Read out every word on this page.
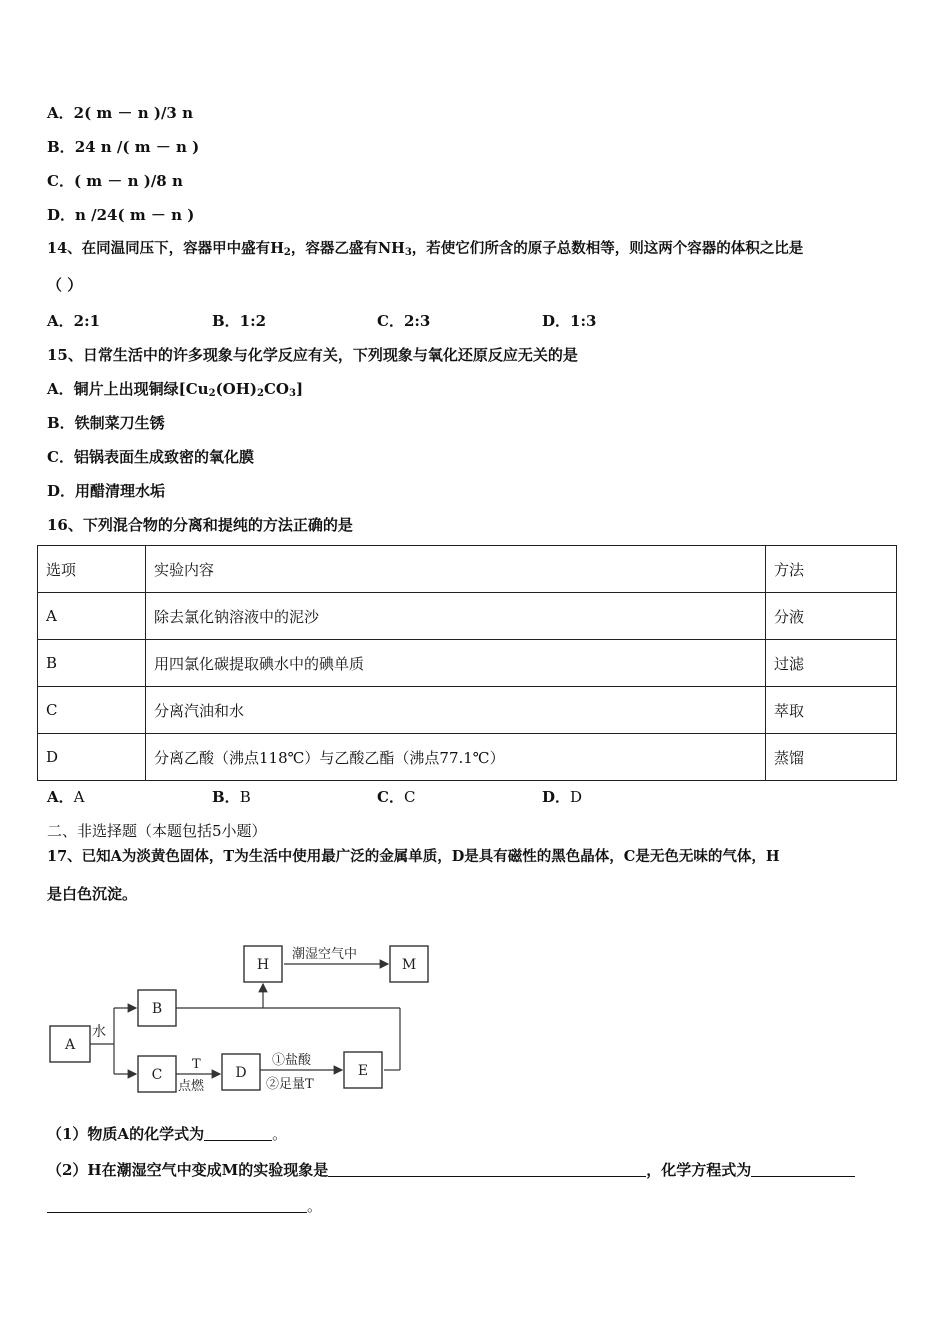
A．2( m － n )/3 n
B．24 n /( m － n )
C．( m － n )/8 n
D．n /24( m － n )
14、在同温同压下，容器甲中盛有$H_2$，容器乙盛有$NH_3$，若使它们所含的原子总数相等，则这两个容器的体积之比是
（ ）
A．2:1	B．1:2	C．2:3	D．1:3
15、日常生活中的许多现象与化学反应有关，下列现象与氧化还原反应无关的是
A．铜片上出现铜绿$[Cu_2(OH)_2CO_3]$
B．铁制菜刀生锈
C．铝锅表面生成致密的氧化膜
D．用醋清理水垢
16、下列混合物的分离和提纯的方法正确的是
选项	实验内容	方法
A	除去氯化钠溶液中的泥沙	分液
B	用四氯化碳提取碘水中的碘单质	过滤
C	分离汽油和水	萃取
D	分离乙酸（沸点118℃）与乙酸乙酯（沸点77.1℃）	蒸馏
A．A	B．B	C．C	D．D
二、非选择题（本题包括5小题）
17、已知A为淡黄色固体，T为生活中使用最广泛的金属单质，D是具有磁性的黑色晶体，C是无色无味的气体，H
是白色沉淀。
A
B
C	D	E
H	M
水
潮湿空气中
T
点燃
①盐酸
②足量T
（1）物质A的化学式为	。
（2）H在潮湿空气中变成M的实验现象是	，化学方程式为
。
